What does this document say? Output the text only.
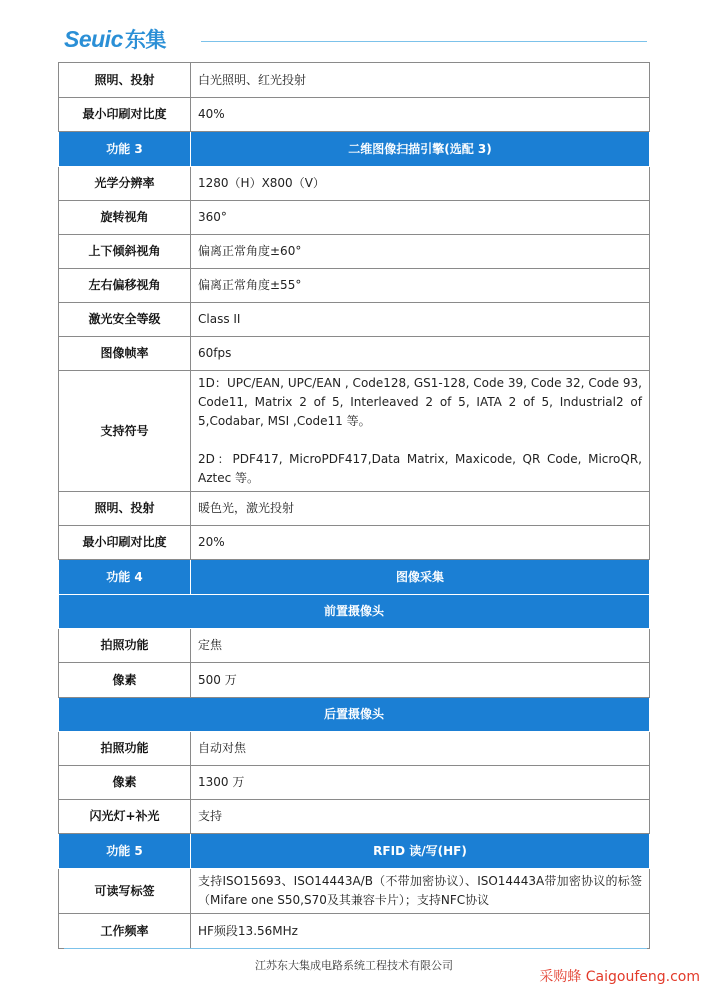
Seuic东集
照明、投射	白光照明、红光投射
最小印刷对比度	40%
功能 3	二维图像扫描引擎(选配 3)
光学分辨率	1280（H）X800（V）
旋转视角	360°
上下倾斜视角	偏离正常角度±60°
左右偏移视角	偏离正常角度±55°
激光安全等级	Class II
图像帧率	60fps
支持符号	1D：UPC/EAN, UPC/EAN , Code128, GS1-128, Code 39, Code 32, Code 93, Code11, Matrix 2 of 5, Interleaved 2 of 5, IATA 2 of 5, Industrial2 of 5,Codabar, MSI ,Code11 等。
2D：PDF417, MicroPDF417,Data Matrix, Maxicode, QR Code, MicroQR, Aztec 等。

照明、投射	暖色光，激光投射
最小印刷对比度	20%
功能 4	图像采集
前置摄像头	
拍照功能	定焦
像素	500 万
后置摄像头	
拍照功能	自动对焦
像素	1300 万
闪光灯+补光	支持
功能 5	RFID 读/写(HF)
可读写标签	支持ISO15693、ISO14443A/B（不带加密协议）、ISO14443A带加密协议的标签（Mifare one S50,S70及其兼容卡片）；支持NFC协议
工作频率	HF频段13.56MHz
江苏东大集成电路系统工程技术有限公司
采购蜂 Caigoufeng.com
